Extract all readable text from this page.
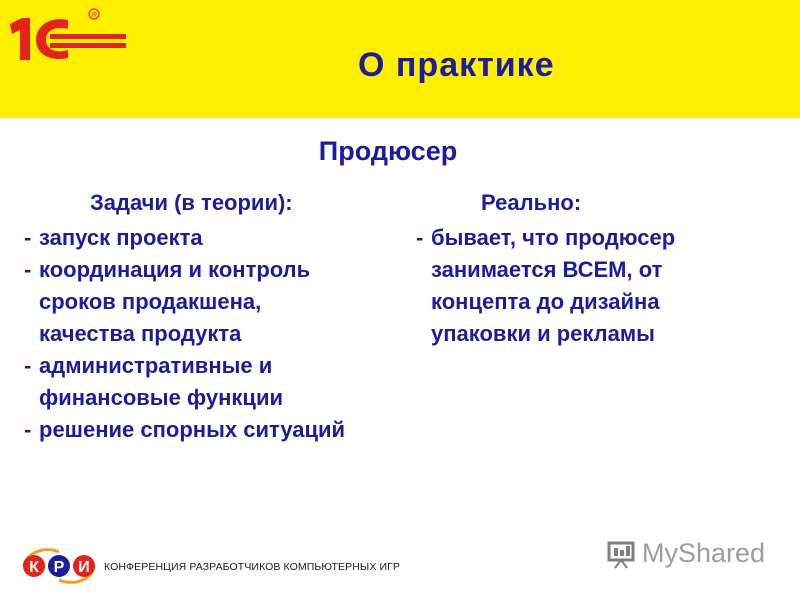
R
О практике
Продюсер
Задачи (в теории):
- запуск проекта
- координация и контроль
сроков продакшена,
качества продукта
- административные и
финансовые функции
- решение спорных ситуаций
Реально:
- бывает, что продюсер
занимается ВСЕМ, от
концепта до дизайна
упаковки и рекламы
К Р И КОНФЕРЕНЦИЯ РАЗРАБОТЧИКОВ КОМПЬЮТЕРНЫХ ИГР	MyShared
